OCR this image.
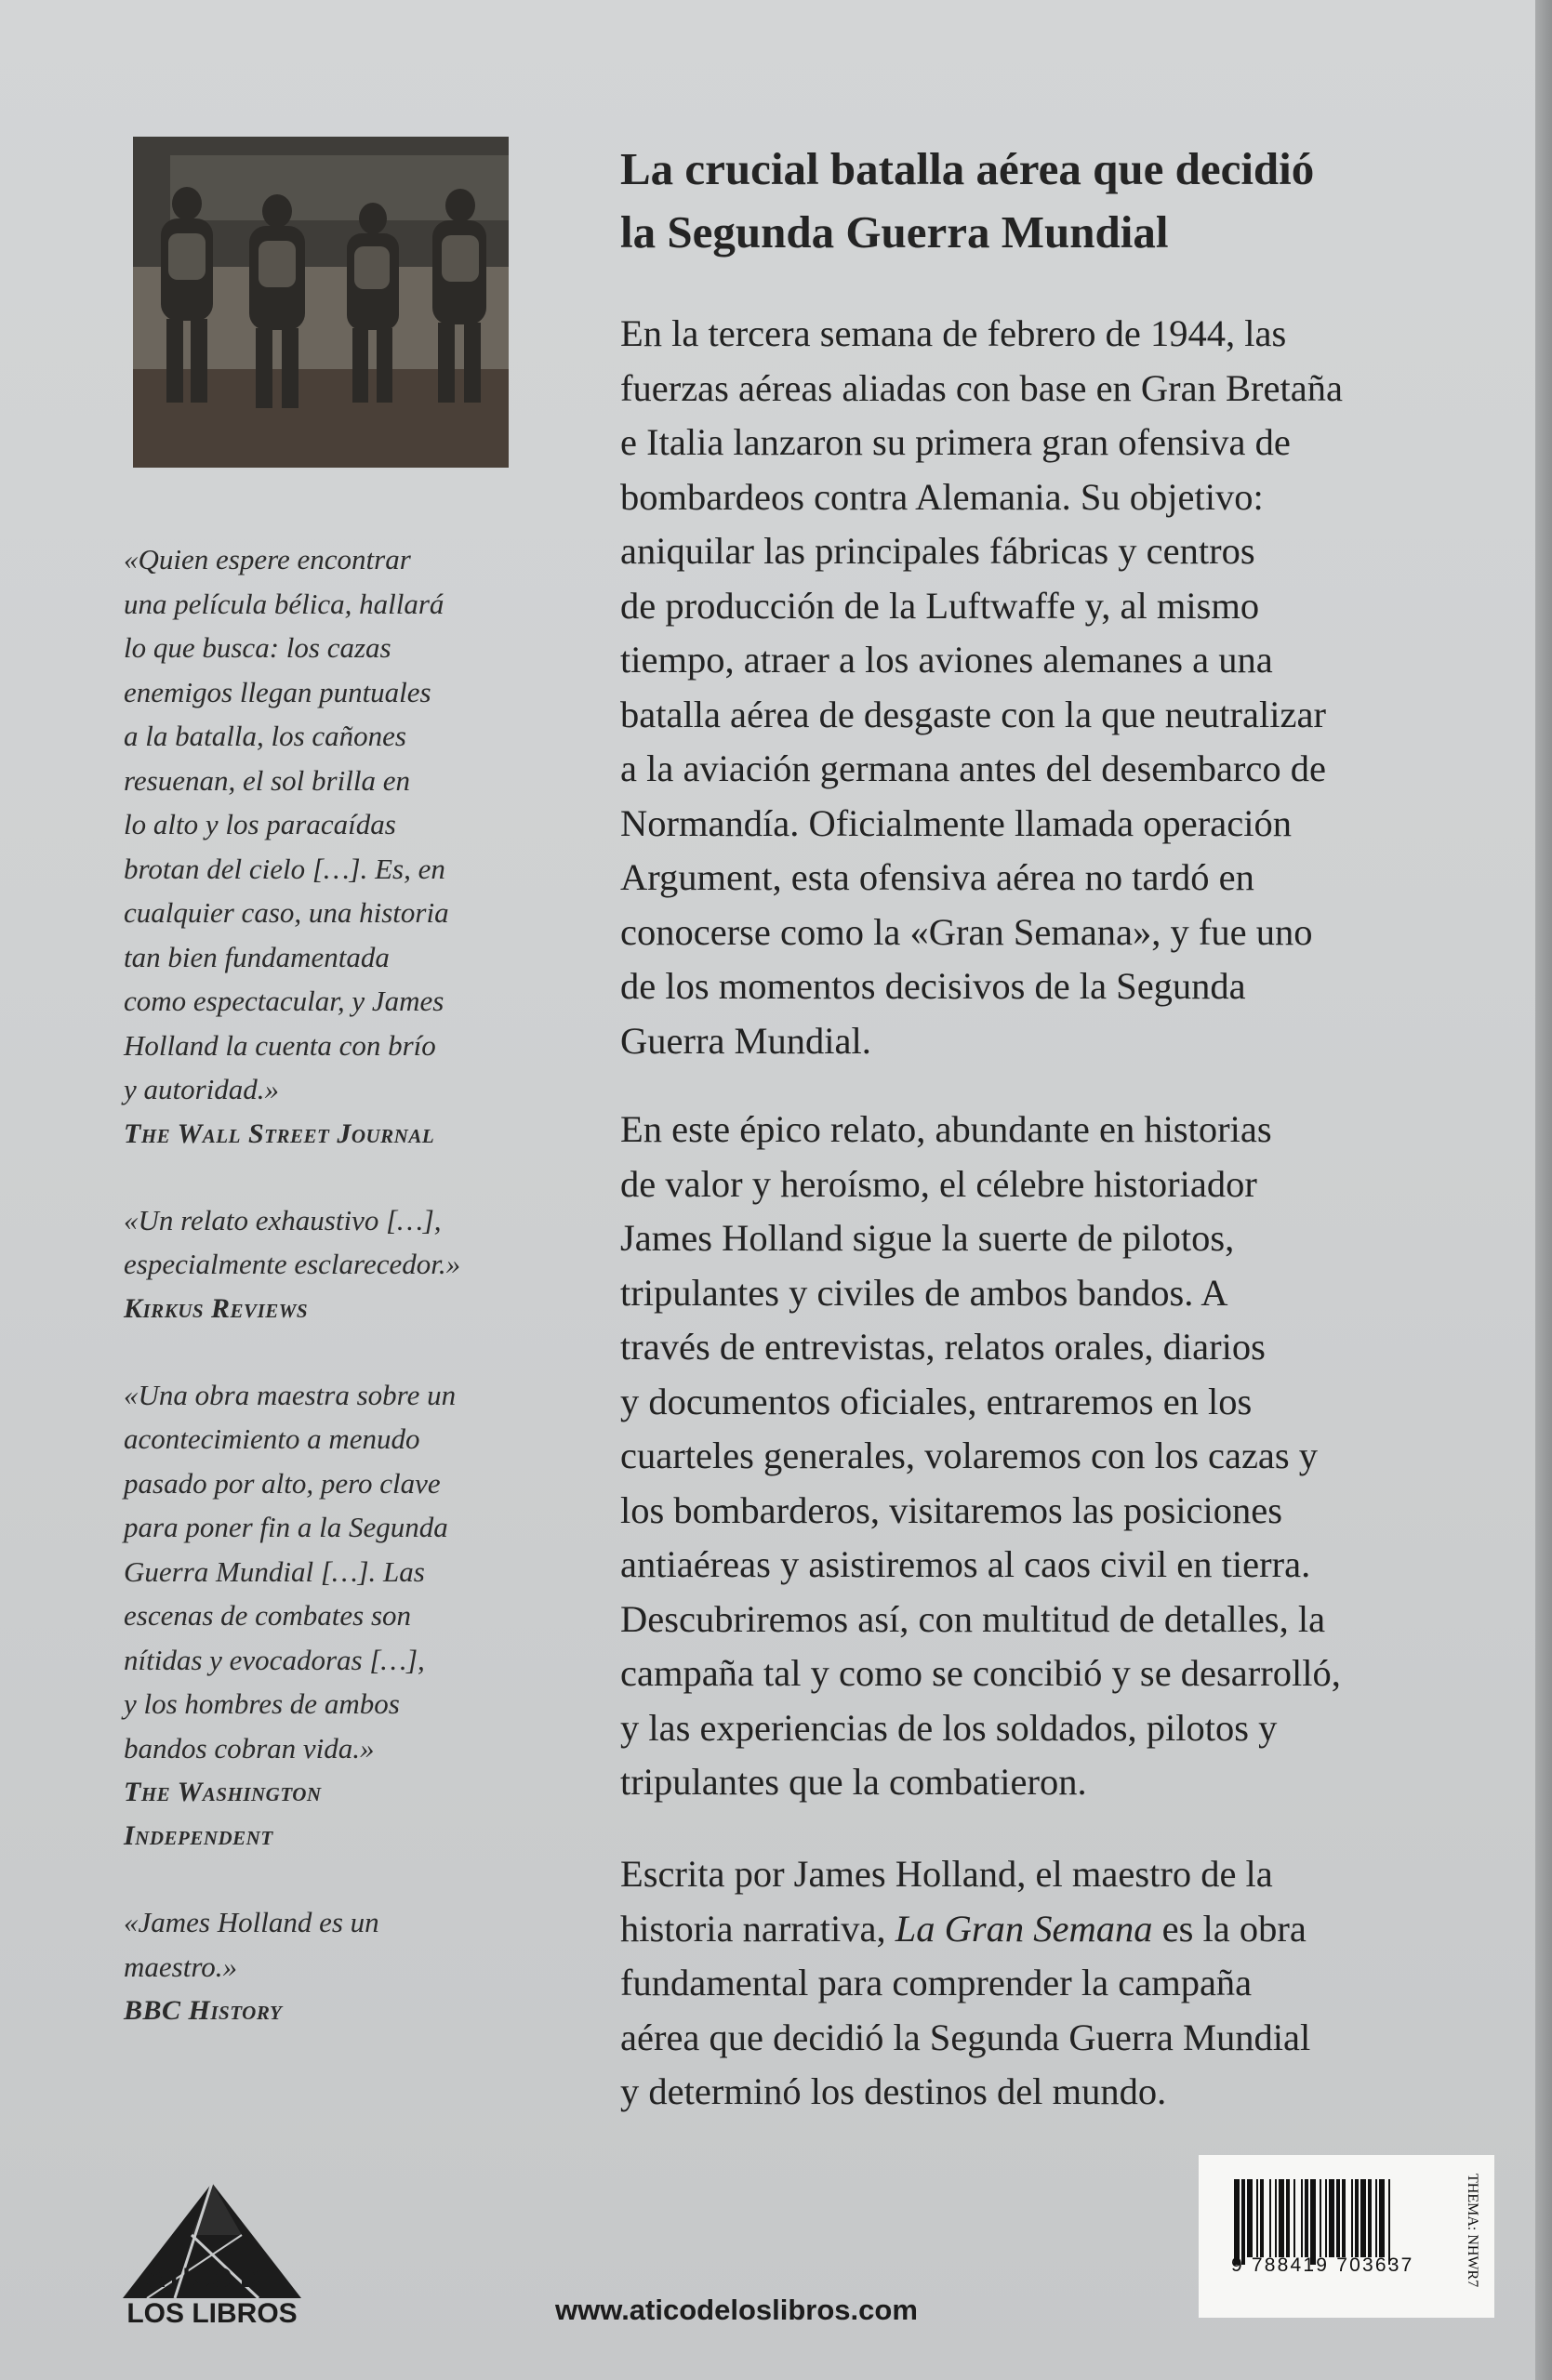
«Quien espere encontrar
una película bélica, hallará
lo que busca: los cazas
enemigos llegan puntuales
a la batalla, los cañones
resuenan, el sol brilla en
lo alto y los paracaídas
brotan del cielo […]. Es, en
cualquier caso, una historia
tan bien fundamentada
como espectacular, y James
Holland la cuenta con brío
y autoridad.»
The Wall Street Journal
«Un relato exhaustivo […],
especialmente esclarecedor.»
Kirkus Reviews
«Una obra maestra sobre un
acontecimiento a menudo
pasado por alto, pero clave
para poner fin a la Segunda
Guerra Mundial […]. Las
escenas de combates son
nítidas y evocadoras […],
y los hombres de ambos
bandos cobran vida.»
The Washington
Independent
«James Holland es un
maestro.»
BBC History
La crucial batalla aérea que decidió
la Segunda Guerra Mundial

En la tercera semana de febrero de 1944, las
fuerzas aéreas aliadas con base en Gran Bretaña
e Italia lanzaron su primera gran ofensiva de
bombardeos contra Alemania. Su objetivo:
aniquilar las principales fábricas y centros
de producción de la Luftwaffe y, al mismo
tiempo, atraer a los aviones alemanes a una
batalla aérea de desgaste con la que neutralizar
a la aviación germana antes del desembarco de
Normandía. Oficialmente llamada operación
Argument, esta ofensiva aérea no tardó en
conocerse como la «Gran Semana», y fue uno
de los momentos decisivos de la Segunda
Guerra Mundial.

En este épico relato, abundante en historias
de valor y heroísmo, el célebre historiador
James Holland sigue la suerte de pilotos,
tripulantes y civiles de ambos bandos. A
través de entrevistas, relatos orales, diarios
y documentos oficiales, entraremos en los
cuarteles generales, volaremos con los cazas y
los bombarderos, visitaremos las posiciones
antiaéreas y asistiremos al caos civil en tierra.
Descubriremos así, con multitud de detalles, la
campaña tal y como se concibió y se desarrolló,
y las experiencias de los soldados, pilotos y
tripulantes que la combatieron.

Escrita por James Holland, el maestro de la
historia narrativa, La Gran Semana es la obra
fundamental para comprender la campaña
aérea que decidió la Segunda Guerra Mundial
y determinó los destinos del mundo.

ÁTICO DE
LOS LIBROS	www.aticodeloslibros.com
9 788419 703637	THEMA: NHWR7
